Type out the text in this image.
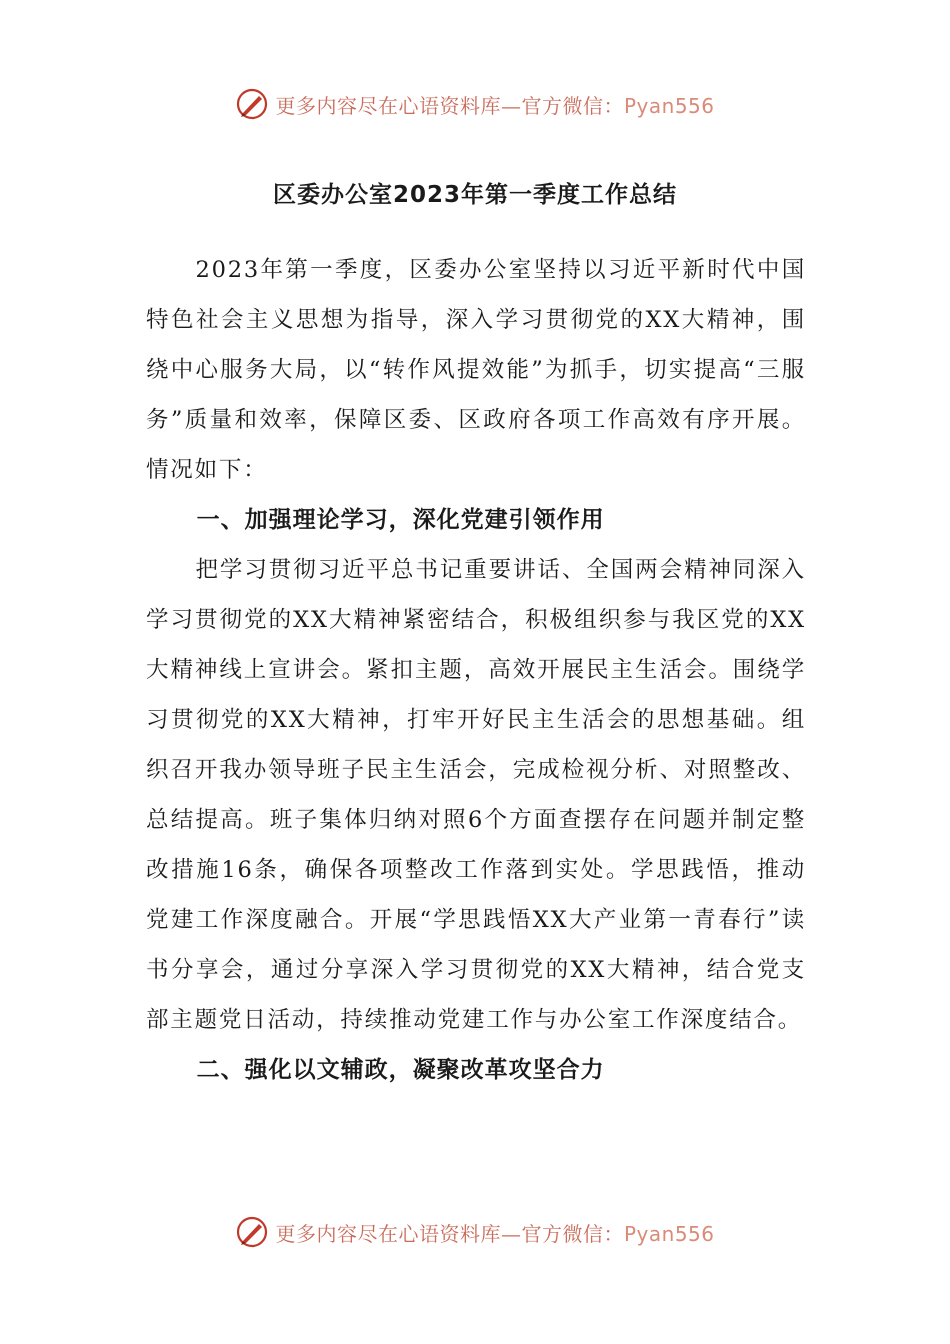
更多内容尽在心语资料库—官方微信：Pyan556
区委办公室2023年第一季度工作总结

2023年第一季度，区委办公室坚持以习近平新时代中国特色社会主义思想为指导，深入学习贯彻党的XX大精神，围绕中心服务大局，以“转作风提效能”为抓手，切实提高“三服务”质量和效率，保障区委、区政府各项工作高效有序开展。情况如下：

一、加强理论学习，深化党建引领作用

把学习贯彻习近平总书记重要讲话、全国两会精神同深入学习贯彻党的XX大精神紧密结合，积极组织参与我区党的XX大精神线上宣讲会。紧扣主题，高效开展民主生活会。围绕学习贯彻党的XX大精神，打牢开好民主生活会的思想基础。组织召开我办领导班子民主生活会，完成检视分析、对照整改、总结提高。班子集体归纳对照6个方面查摆存在问题并制定整改措施16条，确保各项整改工作落到实处。学思践悟，推动党建工作深度融合。开展“学思践悟XX大产业第一青春行”读书分享会，通过分享深入学习贯彻党的XX大精神，结合党支部主题党日活动，持续推动党建工作与办公室工作深度结合。

二、强化以文辅政，凝聚改革攻坚合力

更多内容尽在心语资料库—官方微信：Pyan556
